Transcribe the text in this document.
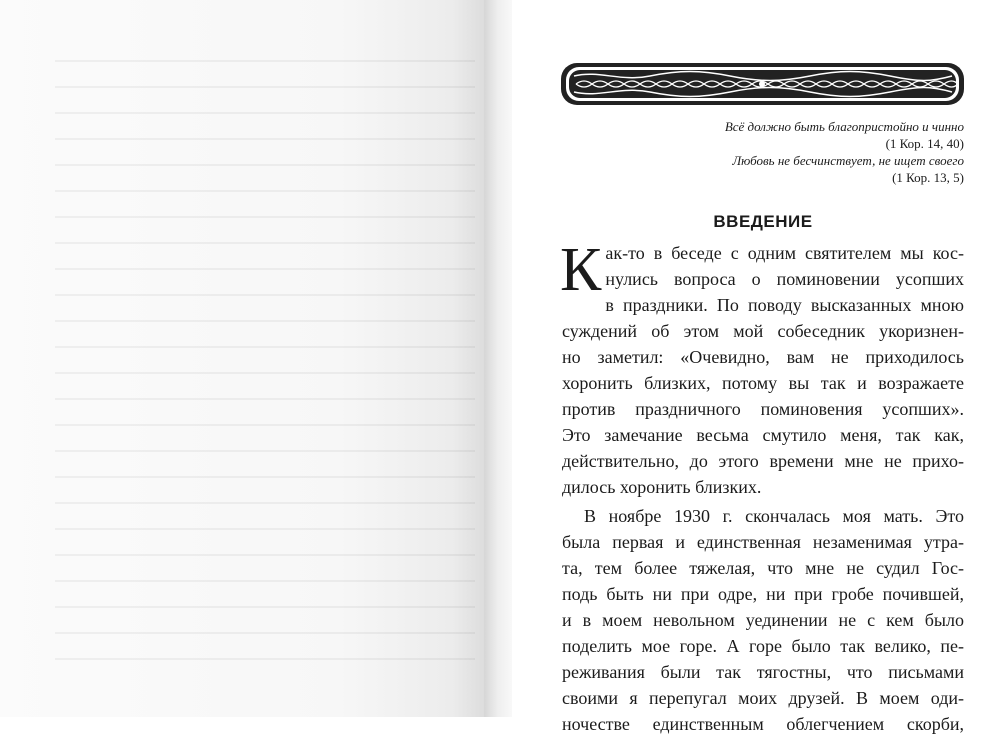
Всё должно быть благопристойно и чинно
(1 Кор. 14, 40)
Любовь не бесчинствует, не ищет своего
(1 Кор. 13, 5)
ВВЕДЕНИЕ
К ак-то в беседе с одним святителем мы кос-
нулись вопроса о поминовении усопших
в праздники. По поводу высказанных мною
суждений об этом мой собеседник укоризнен-
но заметил: «Очевидно, вам не приходилось
хоронить близких, потому вы так и возражаете
против праздничного поминовения усопших».
Это замечание весьма смутило меня, так как,
действительно, до этого времени мне не прихо-
дилось хоронить близких.
В ноябре 1930 г. скончалась моя мать. Это
была первая и единственная незаменимая утра-
та, тем более тяжелая, что мне не судил Гос-
подь быть ни при одре, ни при гробе почившей,
и в моем невольном уединении не с кем было
поделить мое горе. А горе было так велико, пе-
реживания были так тягостны, что письмами
своими я перепугал моих друзей. В моем оди-
ночестве единственным облегчением скорби,
